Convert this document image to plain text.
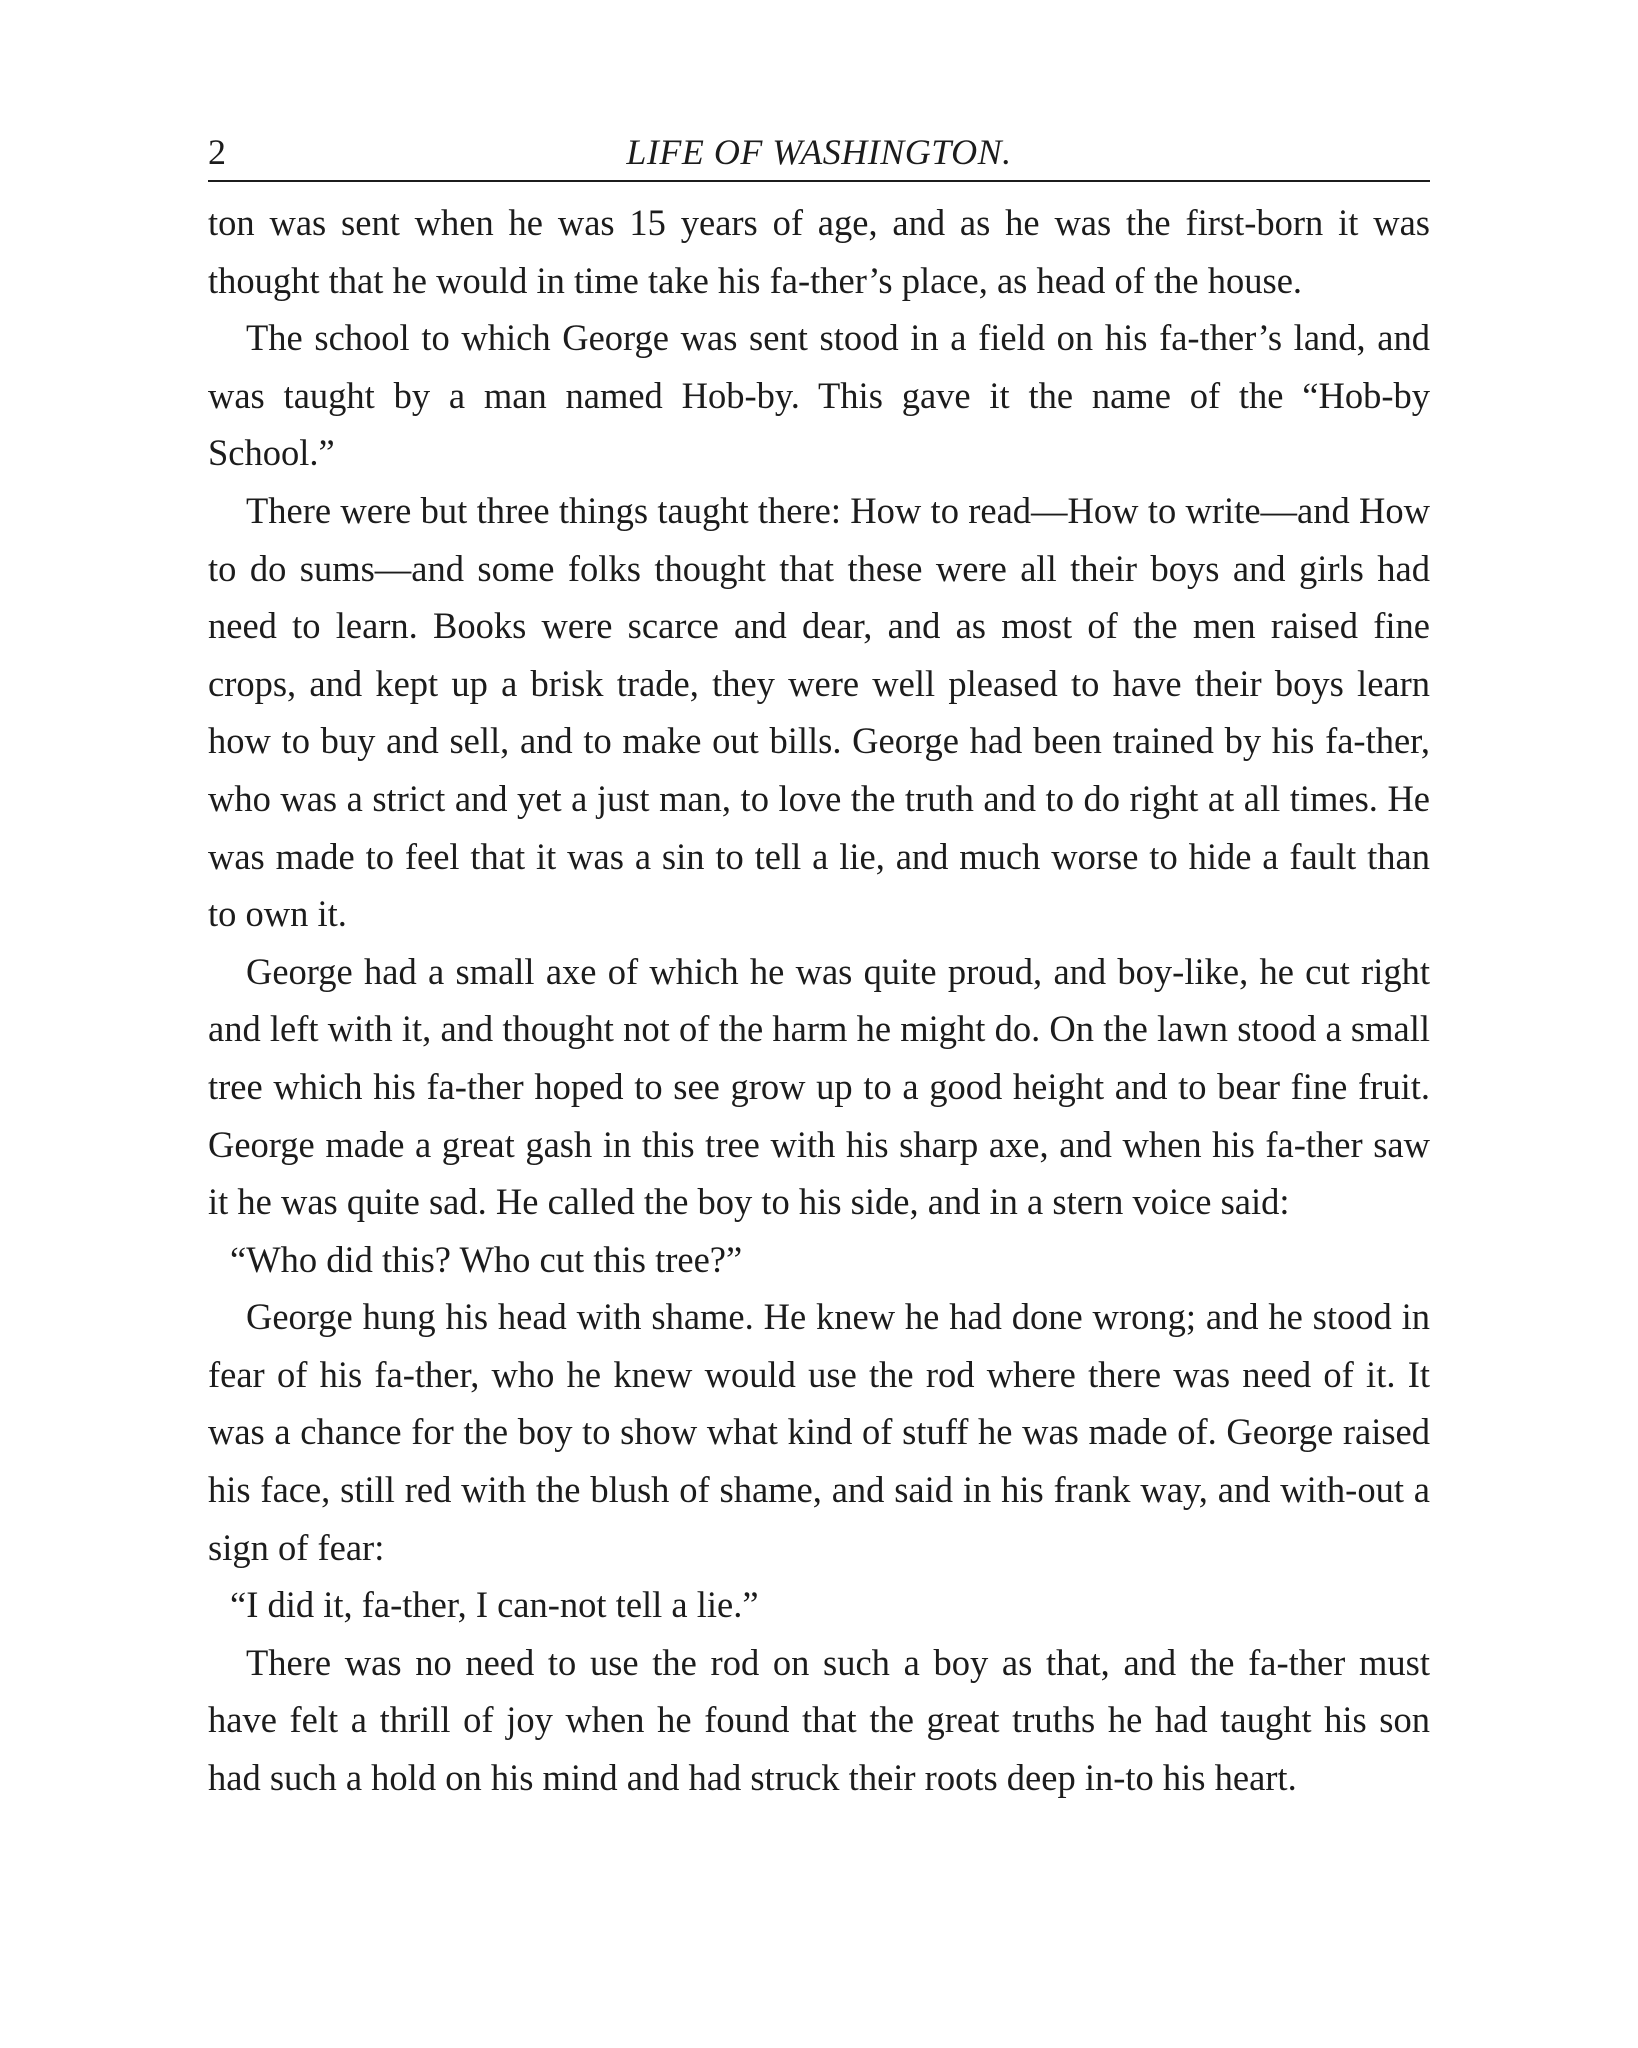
2	LIFE OF WASHINGTON.

ton was sent when he was 15 years of age, and as he was the first-born it was thought that he would in time take his fa-ther’s place, as head of the house.

The school to which George was sent stood in a field on his fa-ther’s land, and was taught by a man named Hob-by. This gave it the name of the “Hob-by School.”

There were but three things taught there: How to read—How to write—and How to do sums—and some folks thought that these were all their boys and girls had need to learn. Books were scarce and dear, and as most of the men raised fine crops, and kept up a brisk trade, they were well pleased to have their boys learn how to buy and sell, and to make out bills. George had been trained by his fa-ther, who was a strict and yet a just man, to love the truth and to do right at all times. He was made to feel that it was a sin to tell a lie, and much worse to hide a fault than to own it.

George had a small axe of which he was quite proud, and boy-like, he cut right and left with it, and thought not of the harm he might do. On the lawn stood a small tree which his fa-ther hoped to see grow up to a good height and to bear fine fruit. George made a great gash in this tree with his sharp axe, and when his fa-ther saw it he was quite sad. He called the boy to his side, and in a stern voice said:

“Who did this? Who cut this tree?”

George hung his head with shame. He knew he had done wrong; and he stood in fear of his fa-ther, who he knew would use the rod where there was need of it. It was a chance for the boy to show what kind of stuff he was made of. George raised his face, still red with the blush of shame, and said in his frank way, and with-out a sign of fear:

“I did it, fa-ther, I can-not tell a lie.”

There was no need to use the rod on such a boy as that, and the fa-ther must have felt a thrill of joy when he found that the great truths he had taught his son had such a hold on his mind and had struck their roots deep in-to his heart.
